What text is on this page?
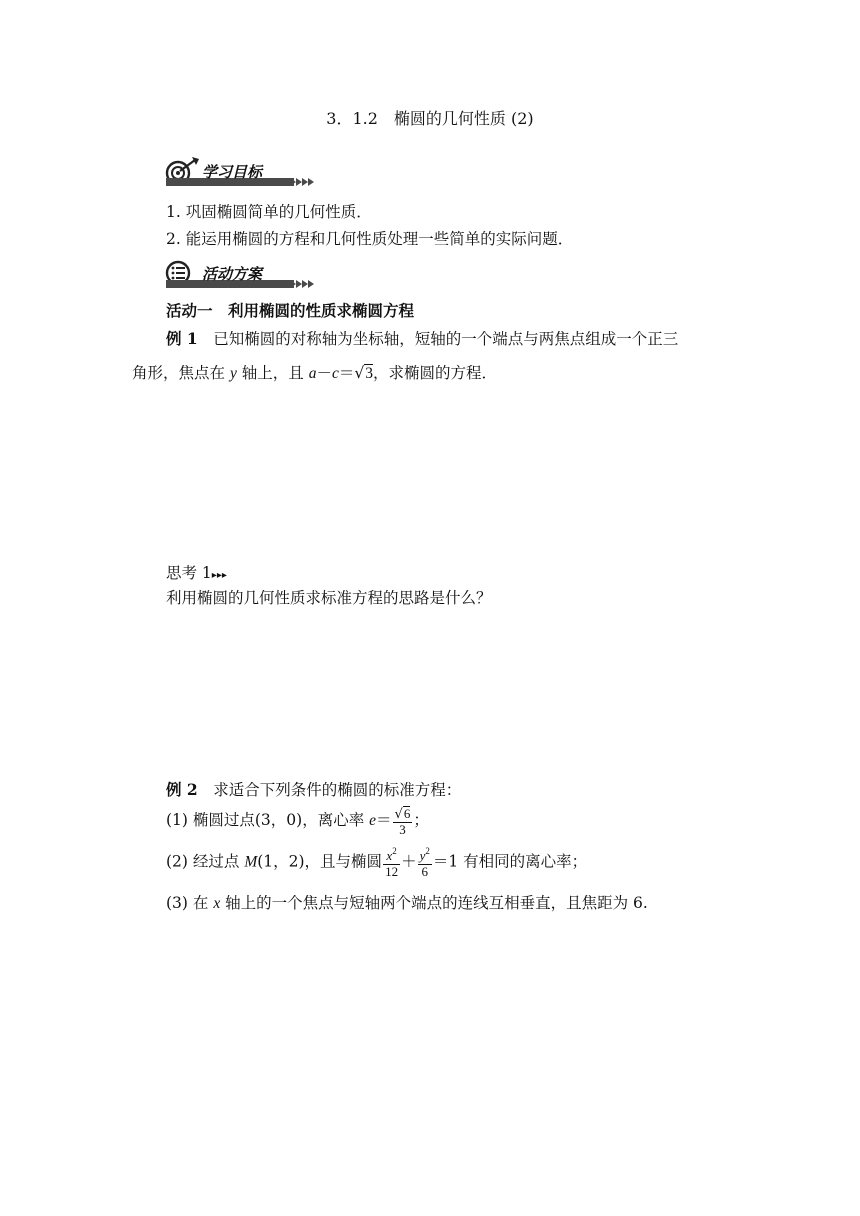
3．1.2　椭圆的几何性质 (2)
学习目标
1. 巩固椭圆简单的几何性质．
2. 能运用椭圆的方程和几何性质处理一些简单的实际问题．
活动方案
活动一　利用椭圆的性质求椭圆方程
例 1　已知椭圆的对称轴为坐标轴，短轴的一个端点与两焦点组成一个正三
角形，焦点在 y 轴上，且 a－c＝√3，求椭圆的方程．
思考 1▸▸▸
利用椭圆的几何性质求标准方程的思路是什么？
例 2　求适合下列条件的椭圆的标准方程：
(1) 椭圆过点(3，0)，离心率 $e= \frac{√6}{3}$ ；
(2) 经过点 M(1，2)，且与椭圆 $\frac{x^2}{12} + \frac{y^2}{6} =1$ 有相同的离心率；
(3) 在 x 轴上的一个焦点与短轴两个端点的连线互相垂直，且焦距为 6.
